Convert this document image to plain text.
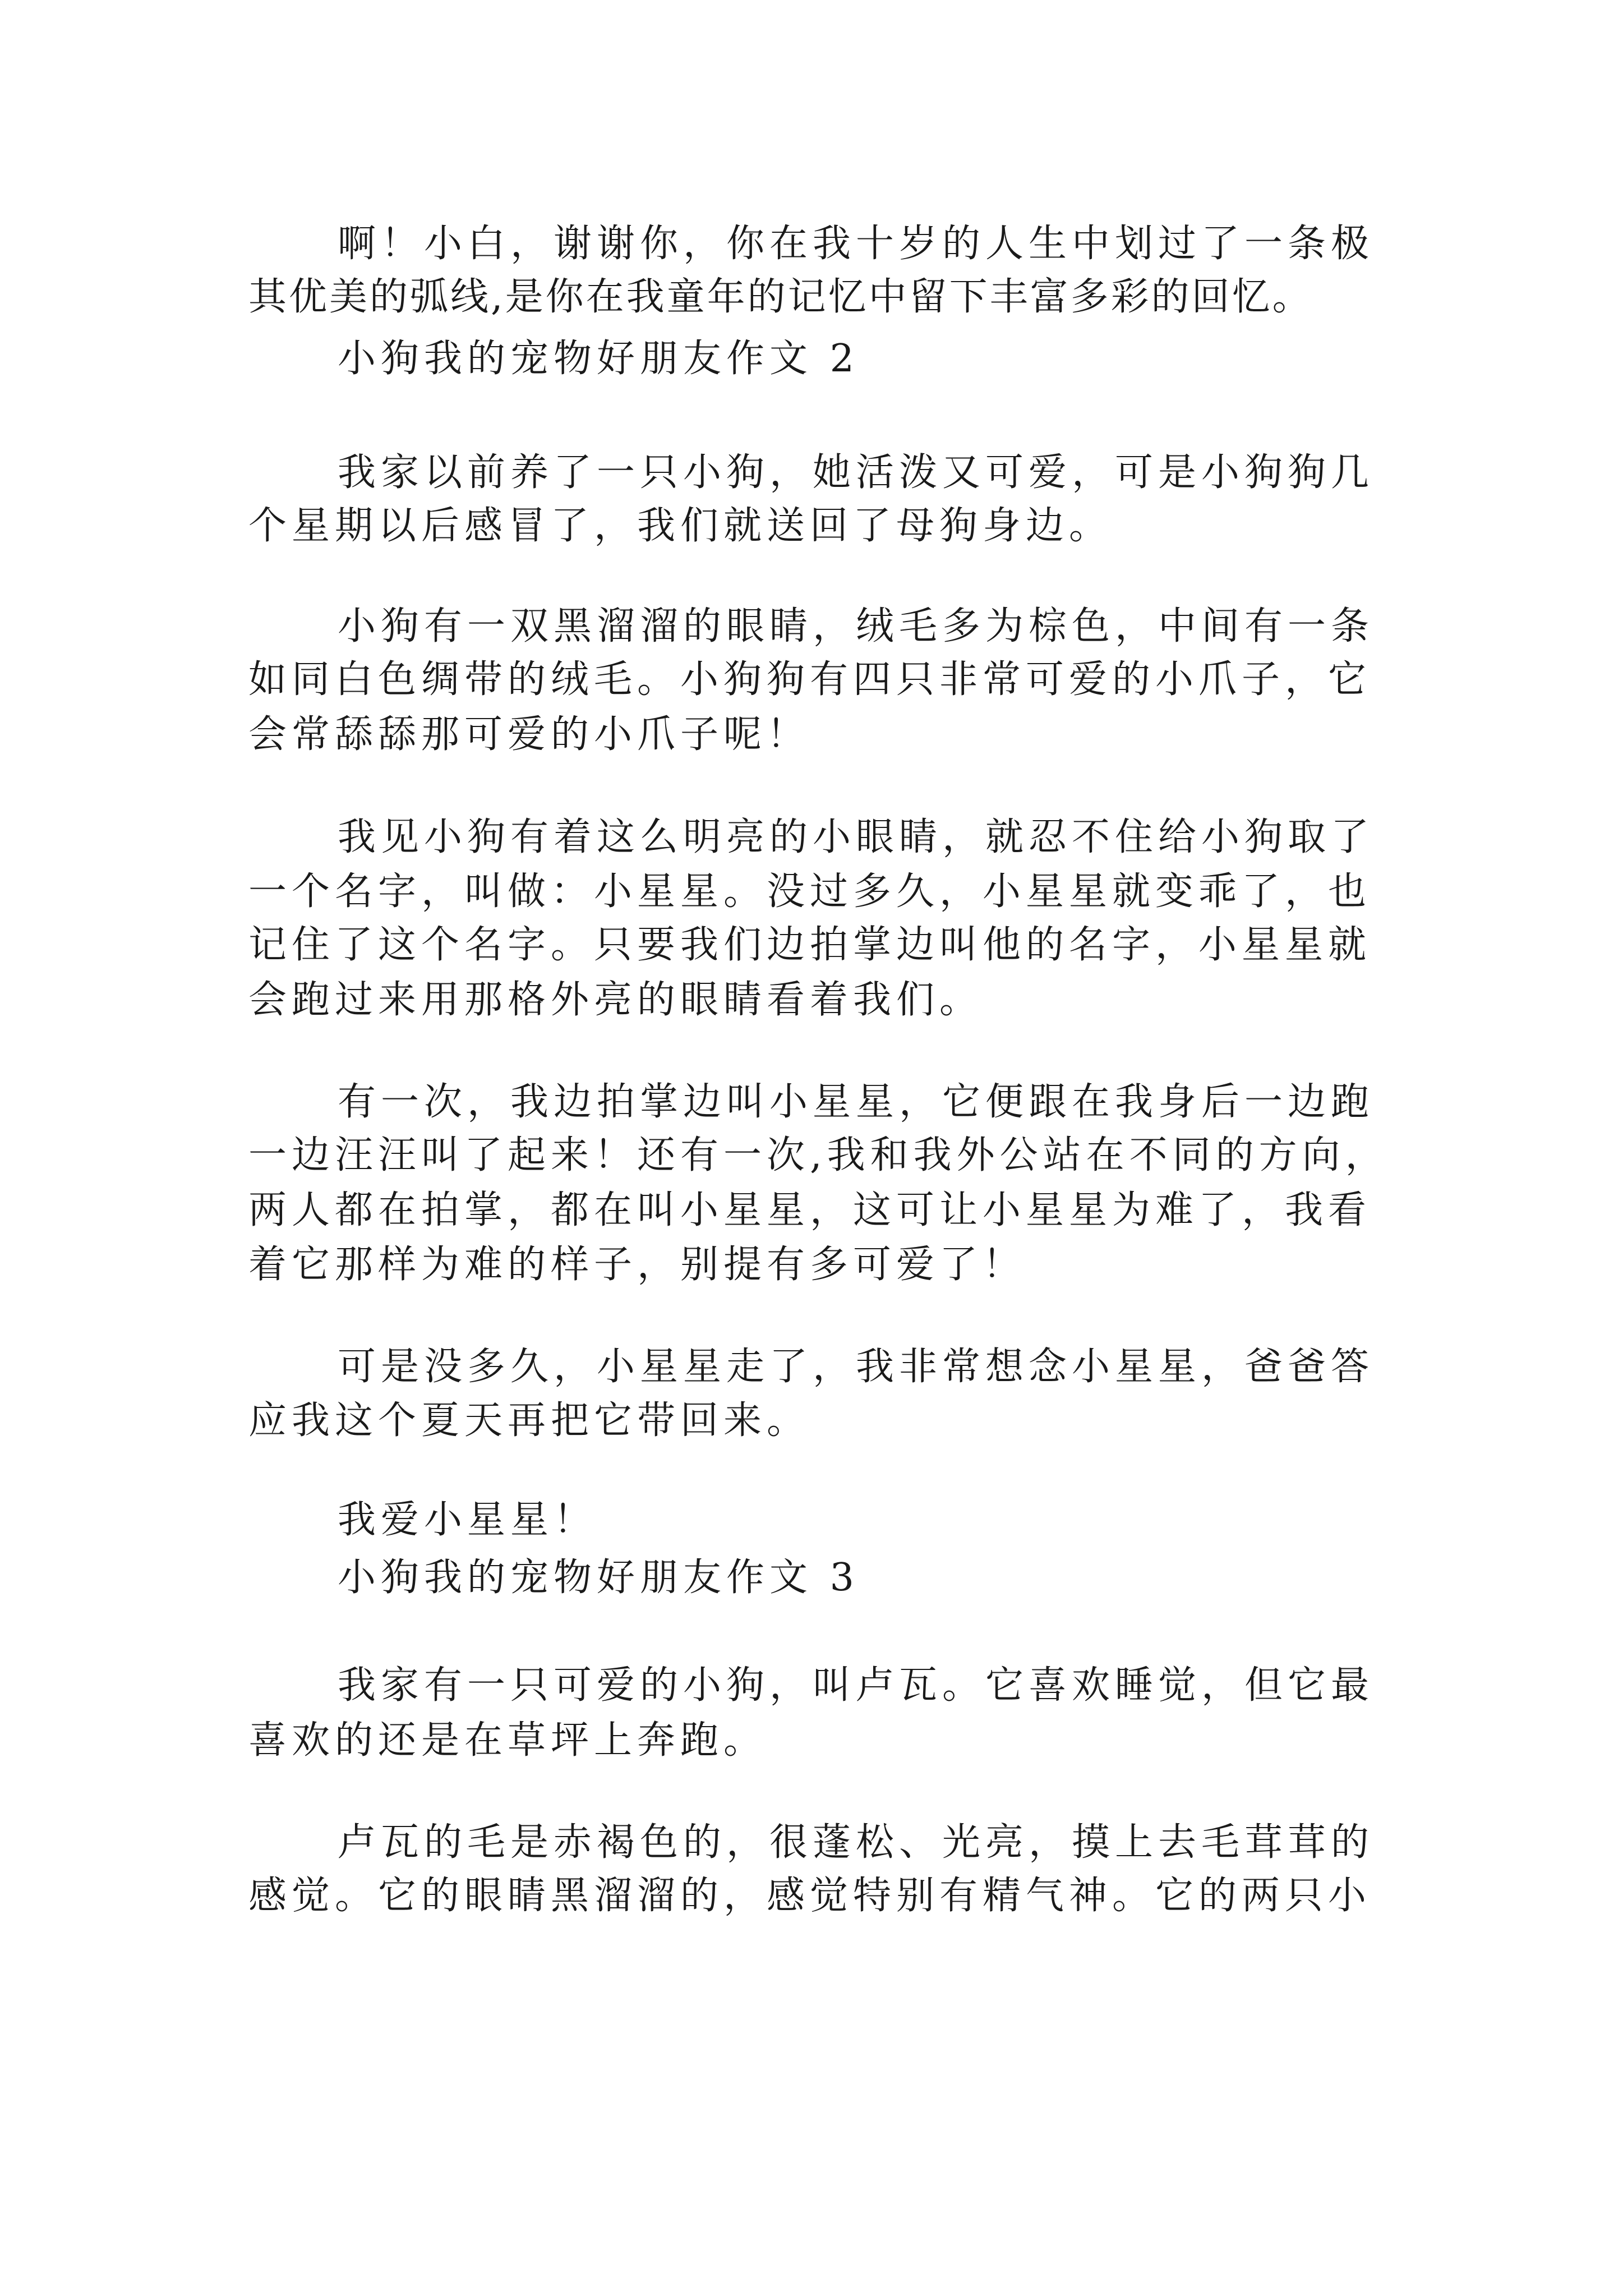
啊！小白，谢谢你，你在我十岁的人生中划过了一条极
其优美的弧线,是你在我童年的记忆中留下丰富多彩的回忆。
小狗我的宠物好朋友作文 2
我家以前养了一只小狗，她活泼又可爱，可是小狗狗几
个星期以后感冒了，我们就送回了母狗身边。
小狗有一双黑溜溜的眼睛，绒毛多为棕色，中间有一条
如同白色绸带的绒毛。小狗狗有四只非常可爱的小爪子，它
会常舔舔那可爱的小爪子呢！
我见小狗有着这么明亮的小眼睛，就忍不住给小狗取了
一个名字，叫做：小星星。没过多久，小星星就变乖了，也
记住了这个名字。只要我们边拍掌边叫他的名字，小星星就
会跑过来用那格外亮的眼睛看着我们。
有一次，我边拍掌边叫小星星，它便跟在我身后一边跑
一边汪汪叫了起来！还有一次,我和我外公站在不同的方向，
两人都在拍掌，都在叫小星星，这可让小星星为难了，我看
着它那样为难的样子，别提有多可爱了！
可是没多久，小星星走了，我非常想念小星星，爸爸答
应我这个夏天再把它带回来。
我爱小星星！
小狗我的宠物好朋友作文 3
我家有一只可爱的小狗，叫卢瓦。它喜欢睡觉，但它最
喜欢的还是在草坪上奔跑。
卢瓦的毛是赤褐色的，很蓬松、光亮，摸上去毛茸茸的
感觉。它的眼睛黑溜溜的，感觉特别有精气神。它的两只小
